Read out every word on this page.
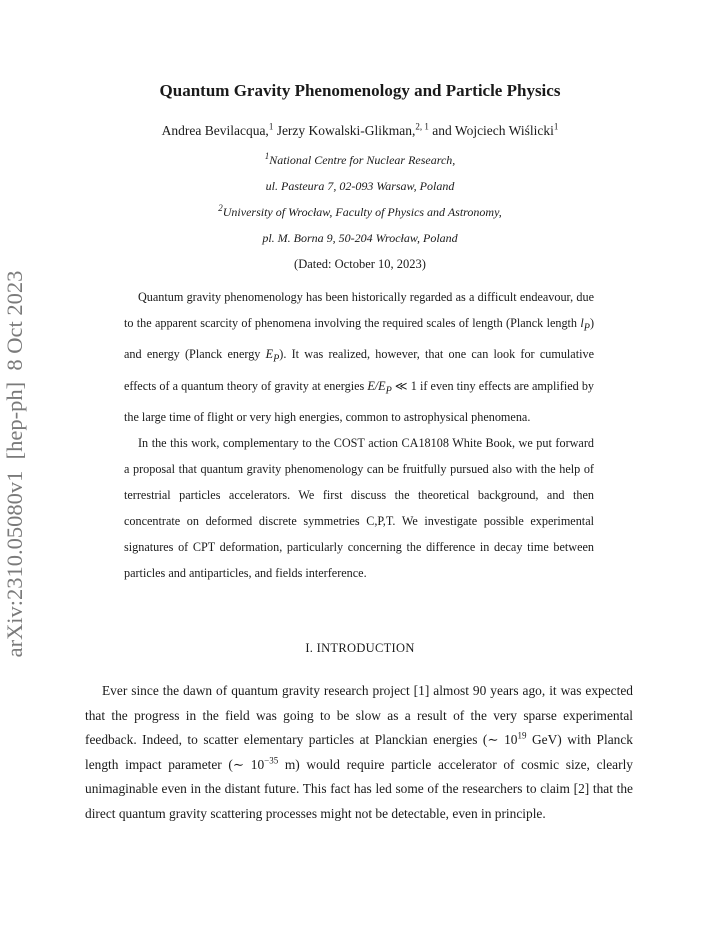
arXiv:2310.05080v1  [hep-ph]  8 Oct 2023
Quantum Gravity Phenomenology and Particle Physics
Andrea Bevilacqua,$^1$ Jerzy Kowalski-Glikman,$^{2, 1}$ and Wojciech Wiślicki$^1$
$^1$National Centre for Nuclear Research,
ul. Pasteura 7, 02-093 Warsaw, Poland
$^2$University of Wrocław, Faculty of Physics and Astronomy,
pl. M. Borna 9, 50-204 Wrocław, Poland
(Dated: October 10, 2023)

Quantum gravity phenomenology has been historically regarded as a difficult endeavour, due to the apparent scarcity of phenomena involving the required scales of length (Planck length $l_P$) and energy (Planck energy $E_P$). It was realized, however, that one can look for cumulative effects of a quantum theory of gravity at energies $E/E_P$ ≪ 1 if even tiny effects are amplified by the large time of flight or very high energies, common to astrophysical phenomena.

In the this work, complementary to the COST action CA18108 White Book, we put forward a proposal that quantum gravity phenomenology can be fruitfully pursued also with the help of terrestrial particles accelerators. We first discuss the theoretical background, and then concentrate on deformed discrete symmetries C,P,T. We investigate possible experimental signatures of CPT deformation, particularly concerning the difference in decay time between particles and antiparticles, and fields interference.

I. INTRODUCTION

Ever since the dawn of quantum gravity research project [1] almost 90 years ago, it was expected that the progress in the field was going to be slow as a result of the very sparse experimental feedback. Indeed, to scatter elementary particles at Planckian energies (∼ $10^{19}$ GeV) with Planck length impact parameter (∼ $10^{-35}$ m) would require particle accelerator of cosmic size, clearly unimaginable even in the distant future. This fact has led some of the researchers to claim [2] that the direct quantum gravity scattering processes might not be detectable, even in principle.
